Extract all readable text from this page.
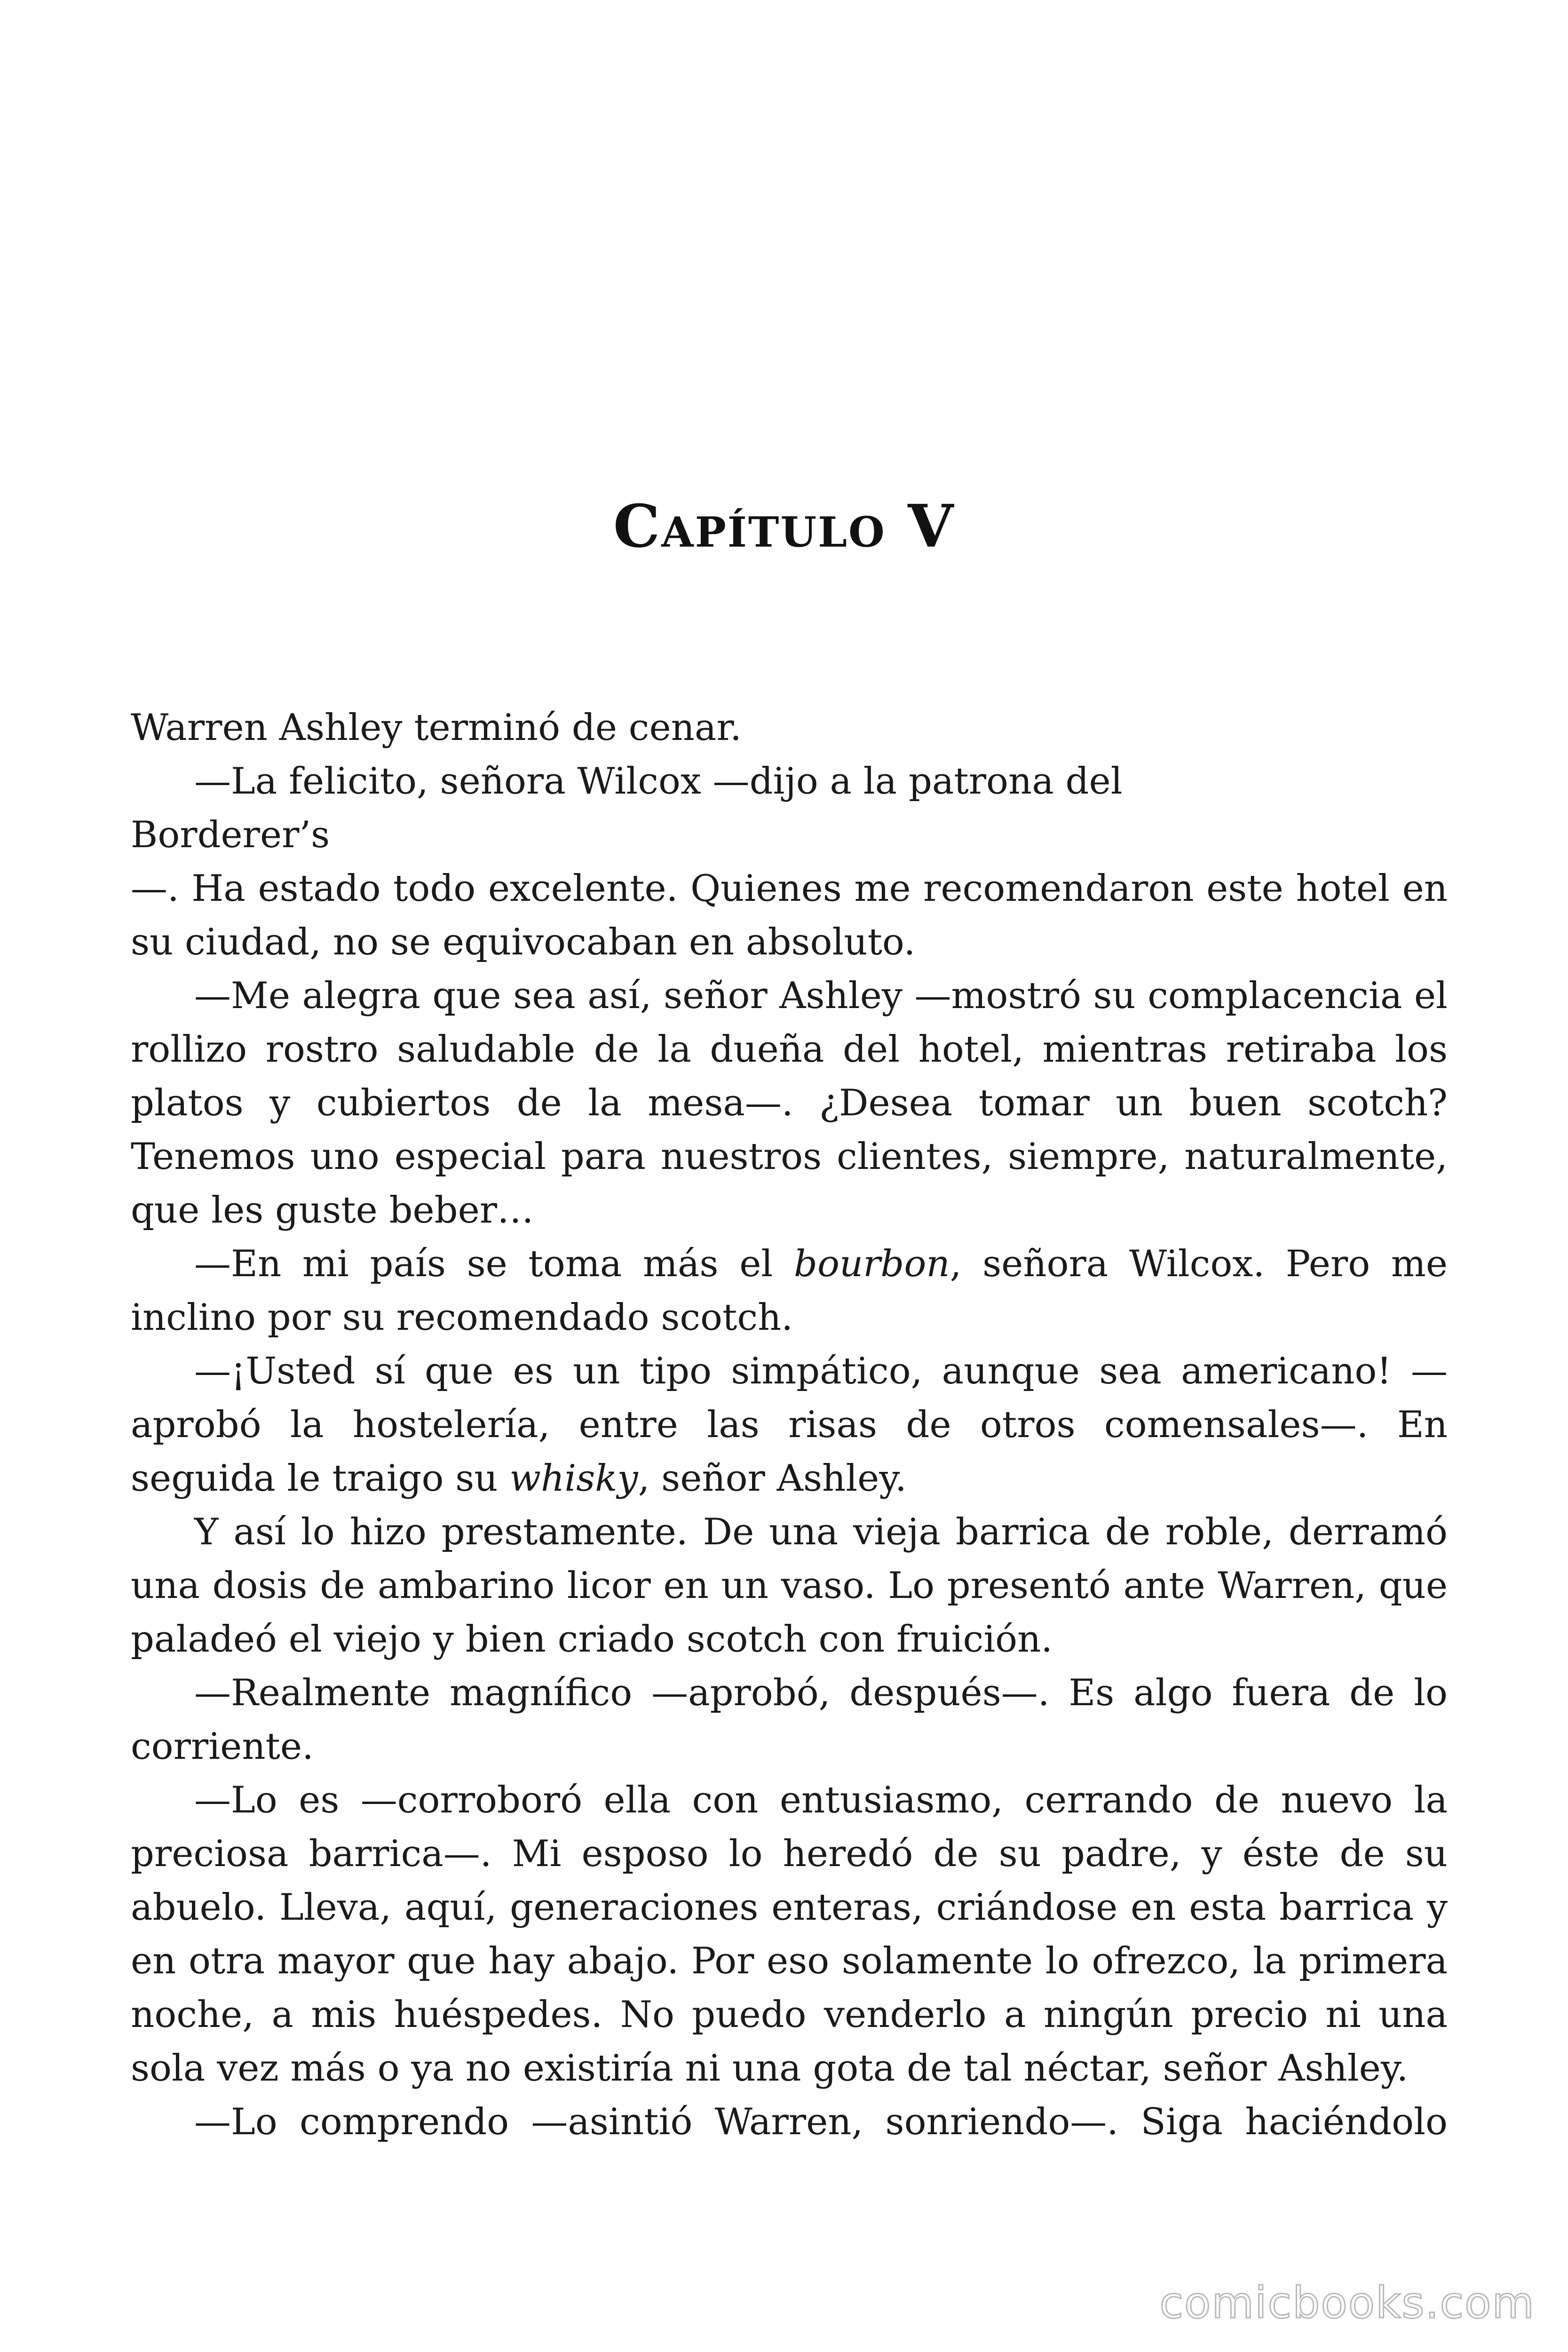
Capítulo V

Warren Ashley terminó de cenar.

—La felicito, señora Wilcox —dijo a la patrona del

Borderer’s

—. Ha estado todo excelente. Quienes me recomendaron este hotel en su ciudad, no se equivocaban en absoluto.

—Me alegra que sea así, señor Ashley —mostró su complacencia el rollizo rostro saludable de la dueña del hotel, mientras retiraba los platos y cubiertos de la mesa—. ¿Desea tomar un buen scotch? Tenemos uno especial para nuestros clientes, siempre, naturalmente, que les guste beber…

—En mi país se toma más el bourbon, señora Wilcox. Pero me inclino por su recomendado scotch.

—¡Usted sí que es un tipo simpático, aunque sea americano! —aprobó la hostelería, entre las risas de otros comensales—. En seguida le traigo su whisky, señor Ashley.

Y así lo hizo prestamente. De una vieja barrica de roble, derramó una dosis de ambarino licor en un vaso. Lo presentó ante Warren, que paladeó el viejo y bien criado scotch con fruición.

—Realmente magnífico —aprobó, después—. Es algo fuera de lo corriente.

—Lo es —corroboró ella con entusiasmo, cerrando de nuevo la preciosa barrica—. Mi esposo lo heredó de su padre, y éste de su abuelo. Lleva, aquí, generaciones enteras, criándose en esta barrica y en otra mayor que hay abajo. Por eso solamente lo ofrezco, la primera noche, a mis huéspedes. No puedo venderlo a ningún precio ni una sola vez más o ya no existiría ni una gota de tal néctar, señor Ashley.

—Lo comprendo —asintió Warren, sonriendo—. Siga haciéndolo

comicbooks.com
